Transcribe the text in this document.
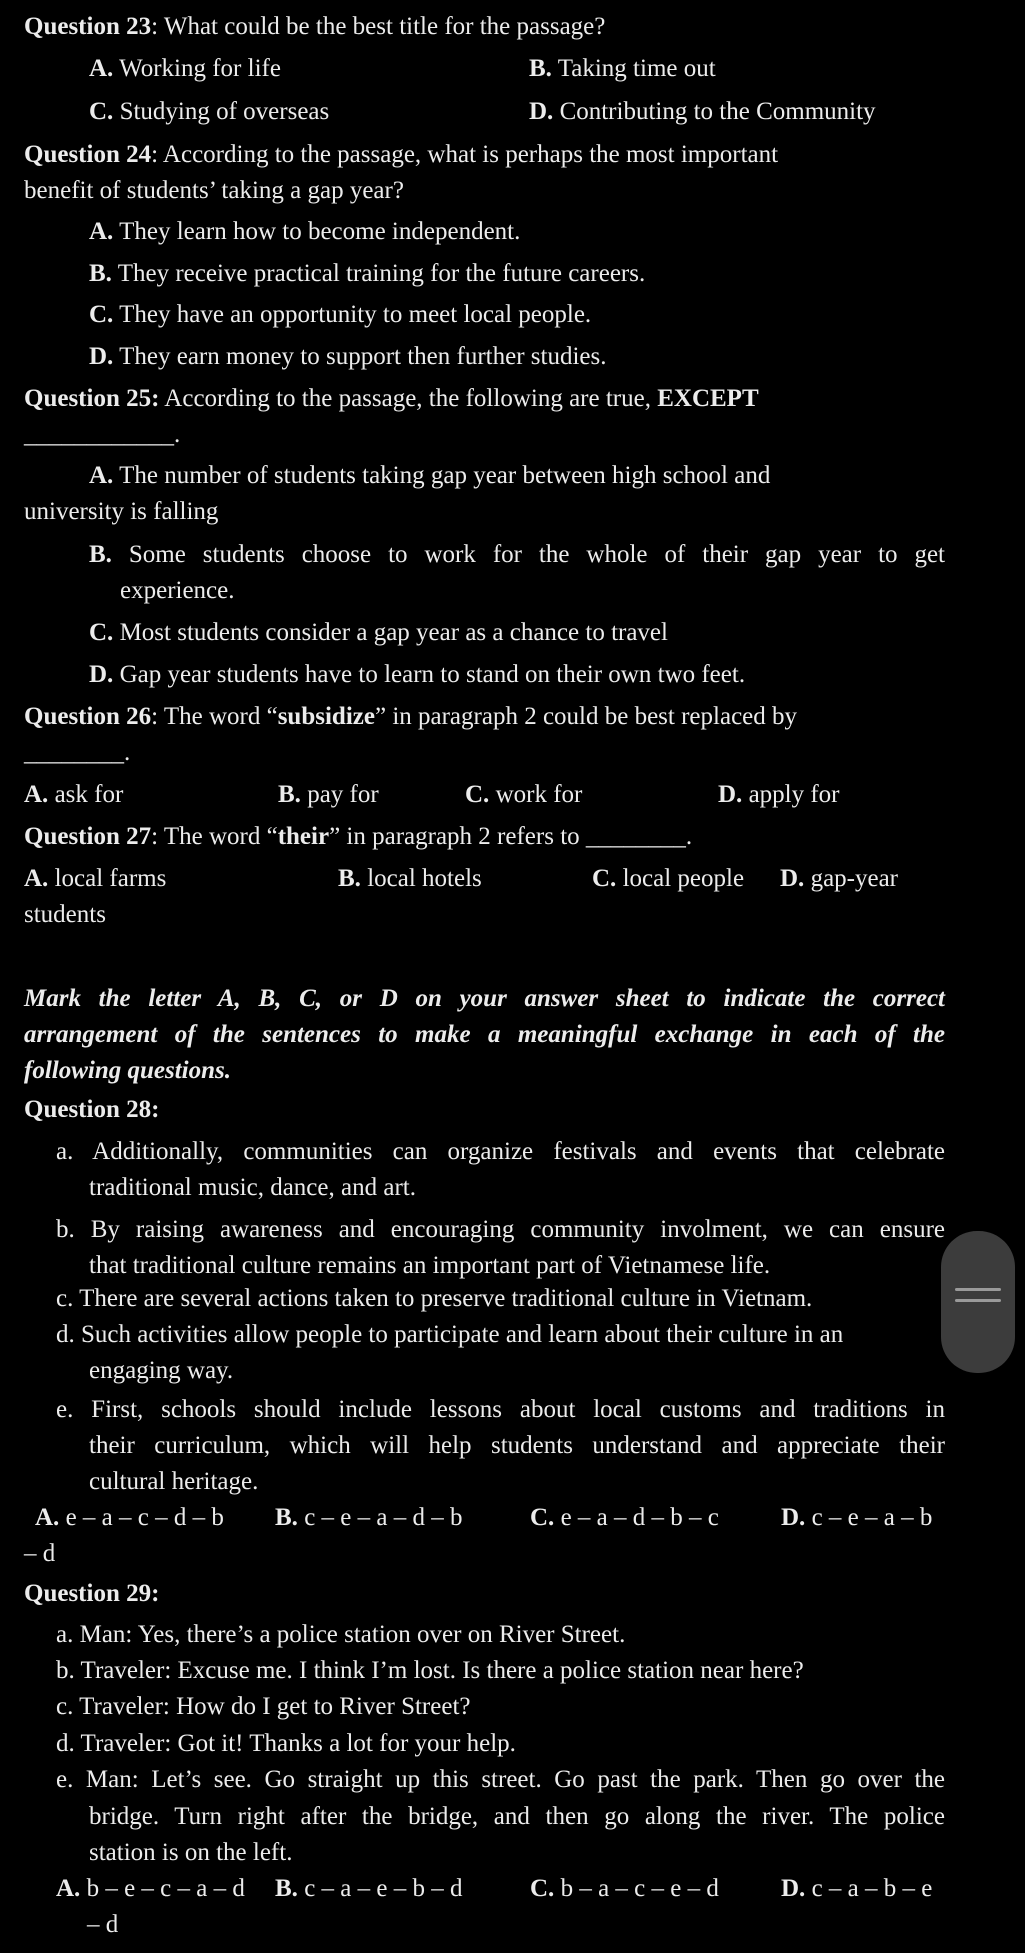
Question 23: What could be the best title for the passage?
A. Working for life	B. Taking time out
C. Studying of overseas	D. Contributing to the Community
Question 24: According to the passage, what is perhaps the most important
benefit of students’ taking a gap year?
A. They learn how to become independent.
B. They receive practical training for the future careers.
C. They have an opportunity to meet local people.
D. They earn money to support then further studies.
Question 25: According to the passage, the following are true, EXCEPT
____________.
A. The number of students taking gap year between high school and
university is falling
B. Some students choose to work for the whole of their gap year to get
experience.
C. Most students consider a gap year as a chance to travel
D. Gap year students have to learn to stand on their own two feet.
Question 26: The word “subsidize” in paragraph 2 could be best replaced by
________.
A. ask for	B. pay for	C. work for	D. apply for
Question 27: The word “their” in paragraph 2 refers to ________.
A. local farms	B. local hotels	C. local people D. gap-year
students
Mark the letter A, B, C, or D on your answer sheet to indicate the correct
arrangement of the sentences to make a meaningful exchange in each of the
following questions.
Question 28:
a. Additionally, communities can organize festivals and events that celebrate
traditional music, dance, and art.
b. By raising awareness and encouraging community involment, we can ensure
that traditional culture remains an important part of Vietnamese life.
c. There are several actions taken to preserve traditional culture in Vietnam.
d. Such activities allow people to participate and learn about their culture in an
engaging way.
e. First, schools should include lessons about local customs and traditions in
their curriculum, which will help students understand and appreciate their
cultural heritage.
A. e – a – c – d – b B. c – e – a – d – b	C. e – a – d – b – c D. c – e – a – b
– d
Question 29:
a. Man: Yes, there’s a police station over on River Street.
b. Traveler: Excuse me. I think I’m lost. Is there a police station near here?
c. Traveler: How do I get to River Street?
d. Traveler: Got it! Thanks a lot for your help.
e. Man: Let’s see. Go straight up this street. Go past the park. Then go over the
bridge. Turn right after the bridge, and then go along the river. The police
station is on the left.
A. b – e – c – a – d B. c – a – e – b – d	C. b – a – c – e – d D. c – a – b – e
– d
